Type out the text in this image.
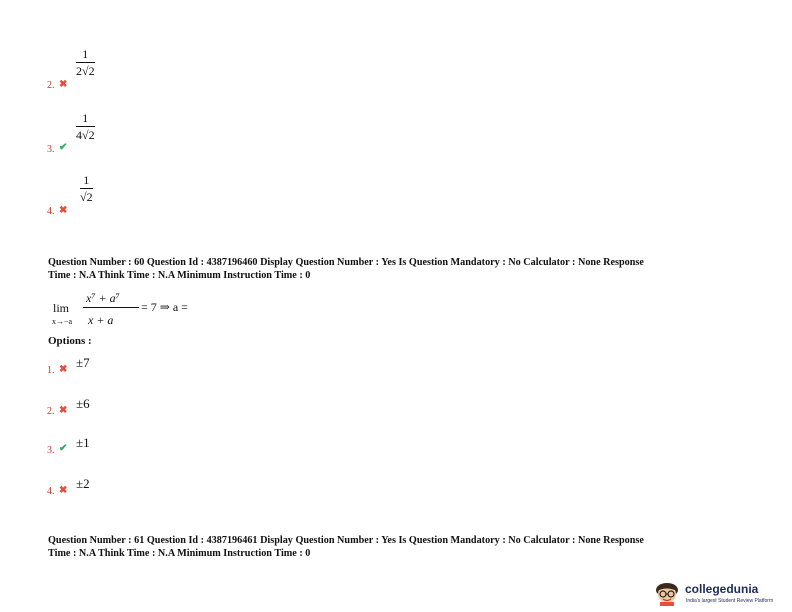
2. ✖
$\frac{1}{2√2}$
3. ✔
$\frac{1}{4√2}$
4. ✖
$\frac{1}{√2}$
Question Number : 60 Question Id : 4387196460 Display Question Number : Yes Is Question Mandatory : No Calculator : None Response
Time : N.A Think Time : N.A Minimum Instruction Time : 0
lim
x→−a
x⁷ + a⁷
x + a
= 7 ⇒ a =
Options :
1. ✖ ±7
2. ✖ ±6
3. ✔ ±1
4. ✖ ±2
Question Number : 61 Question Id : 4387196461 Display Question Number : Yes Is Question Mandatory : No Calculator : None Response
Time : N.A Think Time : N.A Minimum Instruction Time : 0
collegedunia
India's largest Student Review Platform
